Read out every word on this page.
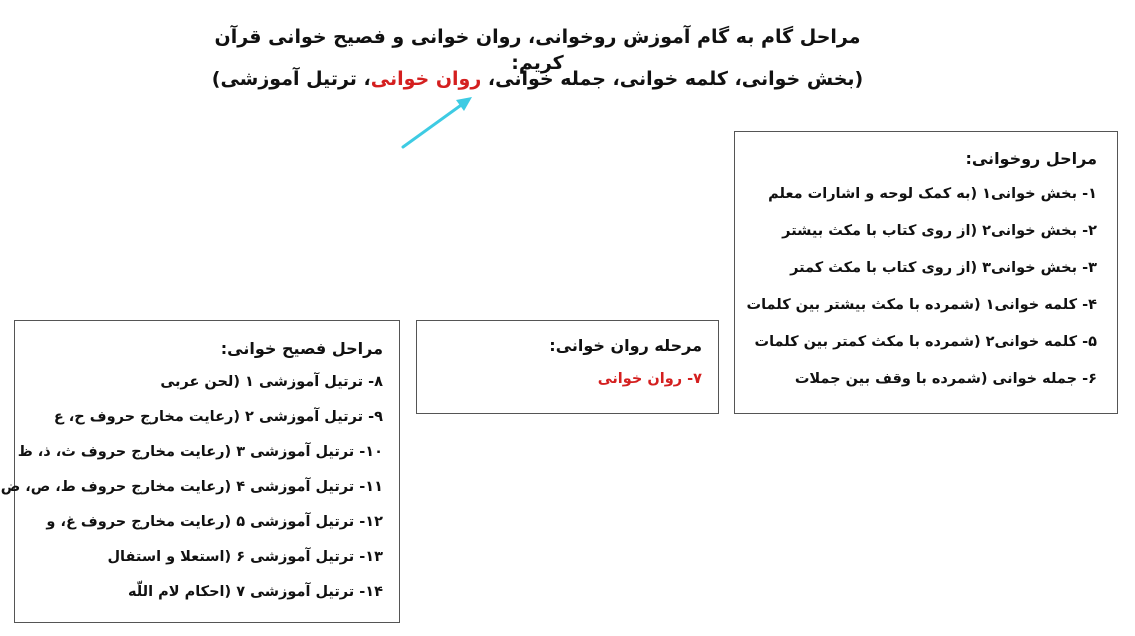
مراحل گام به گام آموزش روخوانی، روان خوانی و فصیح خوانی قرآن کریم:
(بخش خوانی، کلمه خوانی، جمله خوانی، روان خوانی، ترتیل آموزشی)
مراحل روخوانی:
۱- بخش خوانی۱ (به کمک لوحه و اشارات معلم
۲- بخش خوانی۲ (از روی کتاب با مکث بیشتر
۳- بخش خوانی۳ (از روی کتاب با مکث کمتر
۴- کلمه خوانی۱ (شمرده با مکث بیشتر بین کلمات
۵- کلمه خوانی۲ (شمرده با مکث کمتر بین کلمات
۶- جمله خوانی (شمرده با وقف بین جملات
مرحله روان خوانی:
۷- روان خوانی
مراحل فصیح خوانی:
۸- ترتیل آموزشی ۱ (لحن عربی
۹- ترتیل آموزشی ۲ (رعایت مخارج حروف ح، ع
۱۰- ترتیل آموزشی ۳ (رعایت مخارج حروف ث، ذ، ظ
۱۱- ترتیل آموزشی ۴ (رعایت مخارج حروف ط، ص، ض
۱۲- ترتیل آموزشی ۵ (رعایت مخارج حروف غ، و
۱۳- ترتیل آموزشی ۶ (استعلا و استفال
۱۴- ترتیل آموزشی ۷ (احکام لام اللّه
